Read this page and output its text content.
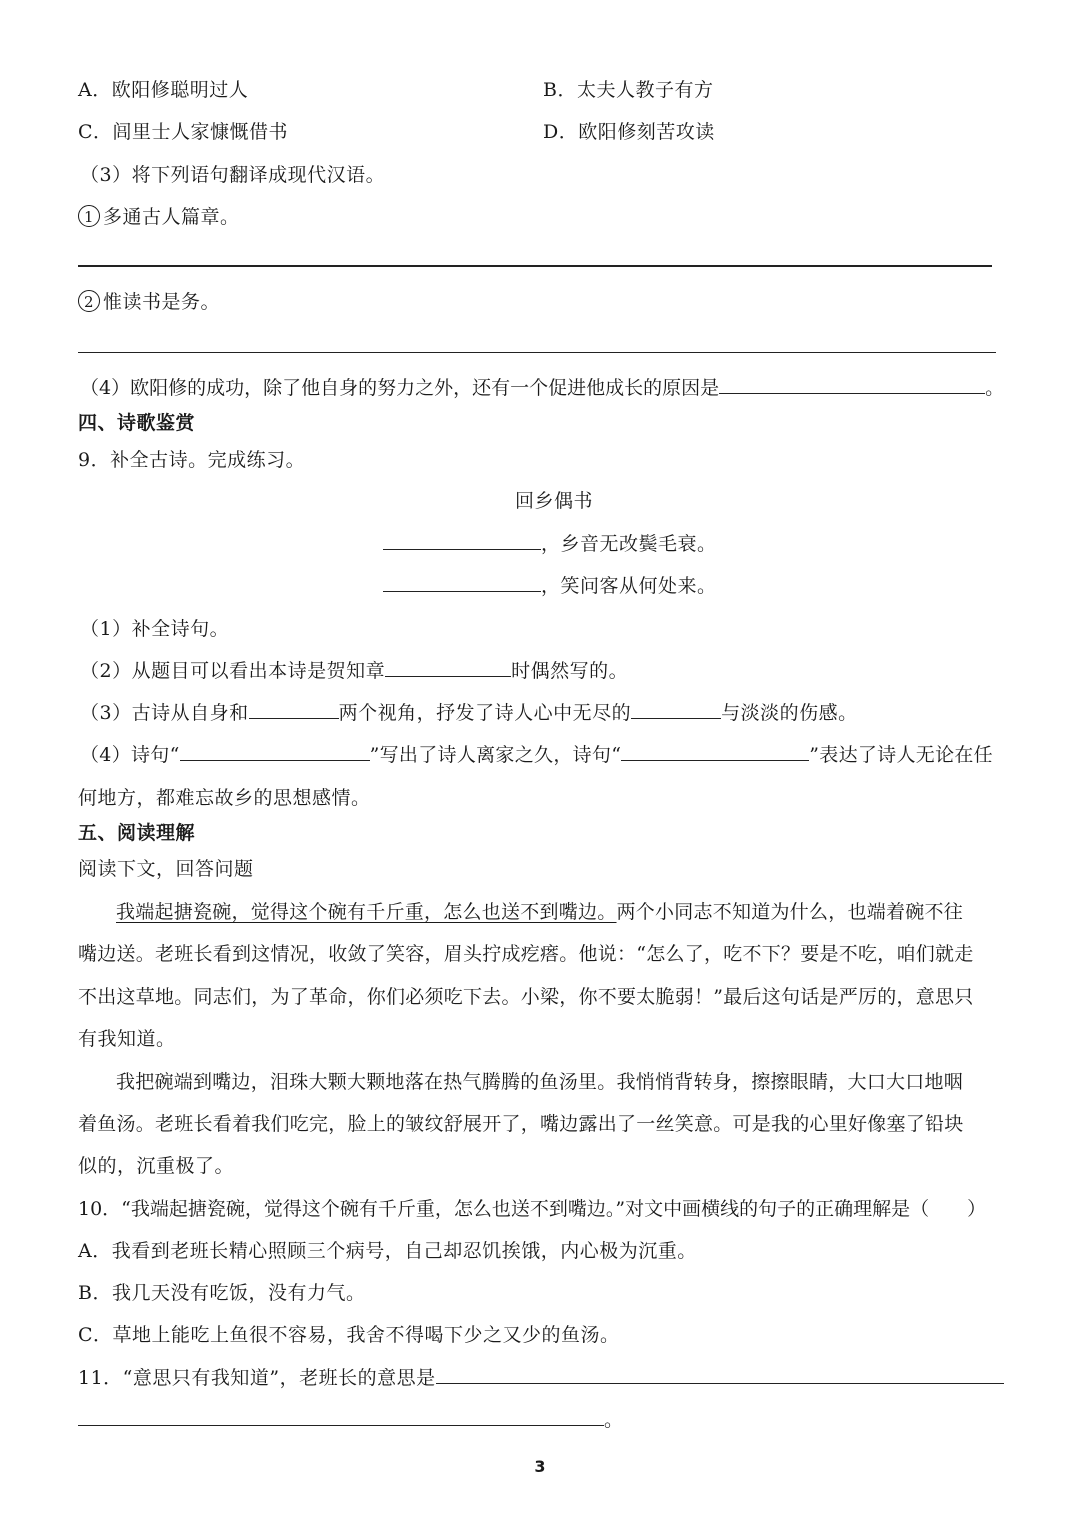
A．欧阳修聪明过人	B．太夫人教子有方
C．闾里士人家慷慨借书	D．欧阳修刻苦攻读
（3）将下列语句翻译成现代汉语。
1 多通古人篇章。
2 惟读书是务。
（4）欧阳修的成功，除了他自身的努力之外，还有一个促进他成长的原因是	。
四、诗歌鉴赏
9．补全古诗。完成练习。
回乡偶书
，乡音无改鬓毛衰。
，笑问客从何处来。
（1）补全诗句。
（2）从题目可以看出本诗是贺知章	时偶然写的。
（3）古诗从自身和	两个视角，抒发了诗人心中无尽的	与淡淡的伤感。
（4）诗句“	”写出了诗人离家之久，诗句“	”表达了诗人无论在任
何地方，都难忘故乡的思想感情。
五、阅读理解
阅读下文，回答问题
我端起搪瓷碗，觉得这个碗有千斤重，怎么也送不到嘴边。两个小同志不知道为什么，也端着碗不往
嘴边送。老班长看到这情况，收敛了笑容，眉头拧成疙瘩。他说：“怎么了，吃不下？要是不吃，咱们就走
不出这草地。同志们，为了革命，你们必须吃下去。小梁，你不要太脆弱！”最后这句话是严厉的，意思只
有我知道。
我把碗端到嘴边，泪珠大颗大颗地落在热气腾腾的鱼汤里。我悄悄背转身，擦擦眼睛，大口大口地咽
着鱼汤。老班长看着我们吃完，脸上的皱纹舒展开了，嘴边露出了一丝笑意。可是我的心里好像塞了铅块
似的，沉重极了。
10．“我端起搪瓷碗，觉得这个碗有千斤重，怎么也送不到嘴边。”对文中画横线的句子的正确理解是（　　）
A．我看到老班长精心照顾三个病号，自己却忍饥挨饿，内心极为沉重。
B．我几天没有吃饭，没有力气。
C．草地上能吃上鱼很不容易，我舍不得喝下少之又少的鱼汤。
11．“意思只有我知道”，老班长的意思是
。
3
